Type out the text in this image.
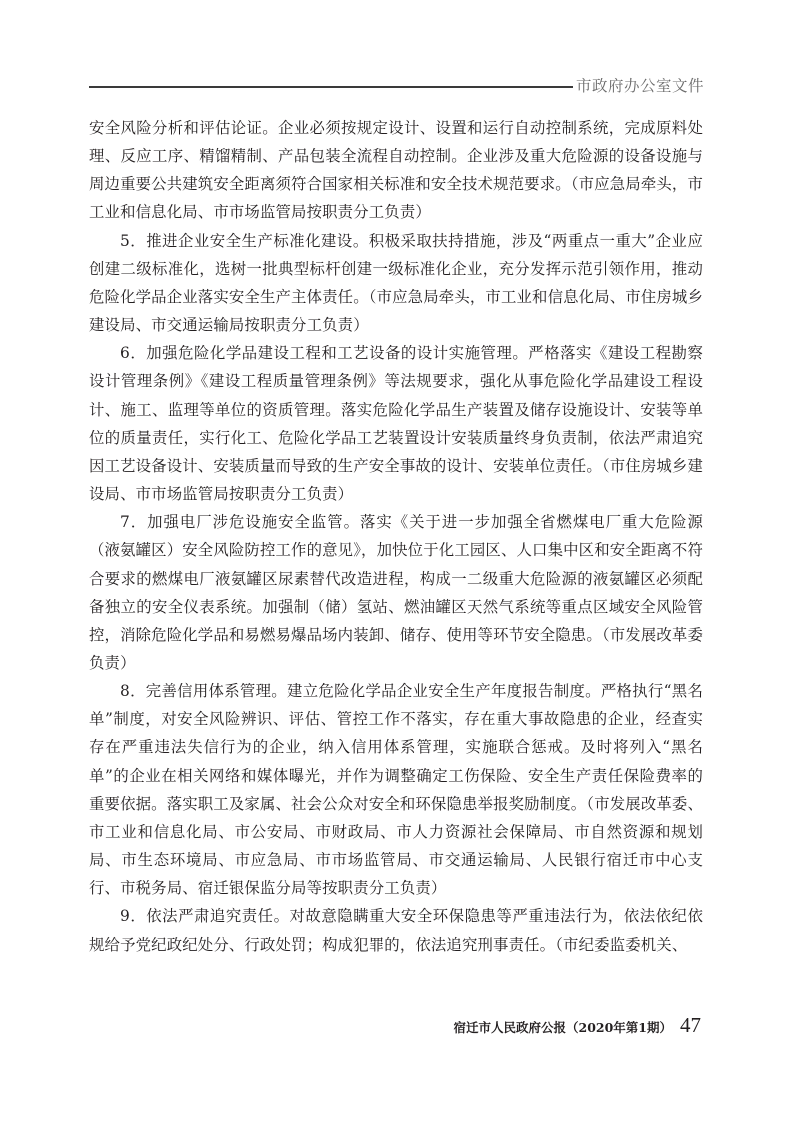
市政府办公室文件

安全风险分析和评估论证。企业必须按规定设计、设置和运行自动控制系统，完成原料处理、反应工序、精馏精制、产品包装全流程自动控制。企业涉及重大危险源的设备设施与周边重要公共建筑安全距离须符合国家相关标准和安全技术规范要求。（市应急局牵头，市工业和信息化局、市市场监管局按职责分工负责）

5．推进企业安全生产标准化建设。积极采取扶持措施，涉及“两重点一重大”企业应创建二级标准化，选树一批典型标杆创建一级标准化企业，充分发挥示范引领作用，推动危险化学品企业落实安全生产主体责任。（市应急局牵头，市工业和信息化局、市住房城乡建设局、市交通运输局按职责分工负责）

6．加强危险化学品建设工程和工艺设备的设计实施管理。严格落实《建设工程勘察设计管理条例》《建设工程质量管理条例》等法规要求，强化从事危险化学品建设工程设计、施工、监理等单位的资质管理。落实危险化学品生产装置及储存设施设计、安装等单位的质量责任，实行化工、危险化学品工艺装置设计安装质量终身负责制，依法严肃追究因工艺设备设计、安装质量而导致的生产安全事故的设计、安装单位责任。（市住房城乡建设局、市市场监管局按职责分工负责）

7．加强电厂涉危设施安全监管。落实《关于进一步加强全省燃煤电厂重大危险源（液氨罐区）安全风险防控工作的意见》，加快位于化工园区、人口集中区和安全距离不符合要求的燃煤电厂液氨罐区尿素替代改造进程，构成一二级重大危险源的液氨罐区必须配备独立的安全仪表系统。加强制（储）氢站、燃油罐区天然气系统等重点区域安全风险管控，消除危险化学品和易燃易爆品场内装卸、储存、使用等环节安全隐患。（市发展改革委负责）

8．完善信用体系管理。建立危险化学品企业安全生产年度报告制度。严格执行“黑名单”制度，对安全风险辨识、评估、管控工作不落实，存在重大事故隐患的企业，经查实存在严重违法失信行为的企业，纳入信用体系管理，实施联合惩戒。及时将列入“黑名单”的企业在相关网络和媒体曝光，并作为调整确定工伤保险、安全生产责任保险费率的重要依据。落实职工及家属、社会公众对安全和环保隐患举报奖励制度。（市发展改革委、市工业和信息化局、市公安局、市财政局、市人力资源社会保障局、市自然资源和规划局、市生态环境局、市应急局、市市场监管局、市交通运输局、人民银行宿迁市中心支行、市税务局、宿迁银保监分局等按职责分工负责）

9．依法严肃追究责任。对故意隐瞒重大安全环保隐患等严重违法行为，依法依纪依规给予党纪政纪处分、行政处罚；构成犯罪的，依法追究刑事责任。（市纪委监委机关、

宿迁市人民政府公报（2020年第1期） 47
